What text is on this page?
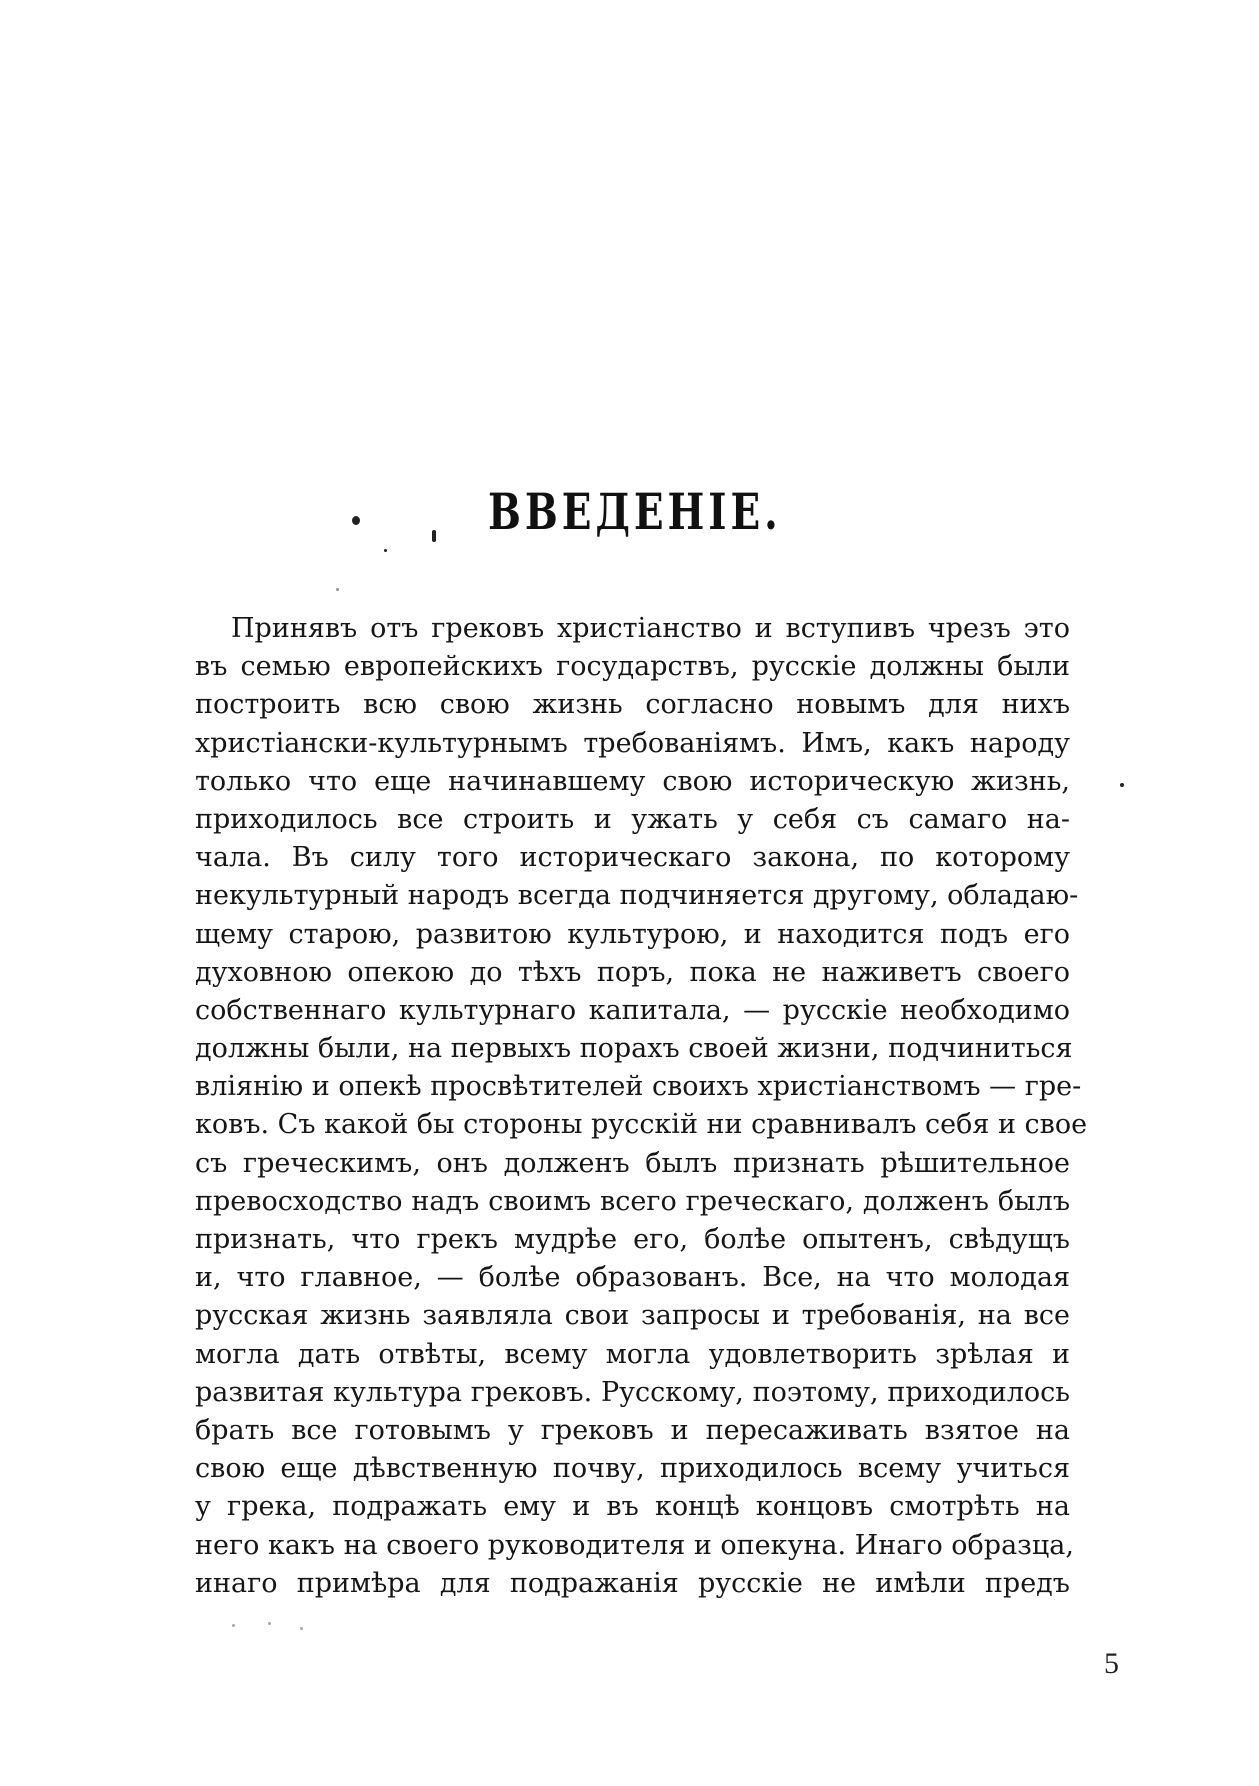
ВВЕДЕНІЕ.
Принявъ отъ грековъ христіанство и вступивъ чрезъ это
въ семью европейскихъ государствъ, русскіе должны были
построить всю свою жизнь согласно новымъ для нихъ
христіански-культурнымъ требованіямъ. Имъ, какъ народу
только что еще начинавшему свою историческую жизнь,
приходилось все строить и ужать у себя съ самаго на-
чала. Въ силу того историческаго закона, по которому
некультурный народъ всегда подчиняется другому, обладаю-
щему старою, развитою культурою, и находится подъ его
духовною опекою до тѣхъ поръ, пока не наживетъ своего
собственнаго культурнаго капитала, — русскіе необходимо
должны были, на первыхъ порахъ своей жизни, подчиниться
вліянію и опекѣ просвѣтителей своихъ христіанствомъ — гре-
ковъ. Съ какой бы стороны русскій ни сравнивалъ себя и свое
съ греческимъ, онъ долженъ былъ признать рѣшительное
превосходство надъ своимъ всего греческаго, долженъ былъ
признать, что грекъ мудрѣе его, болѣе опытенъ, свѣдущъ
и, что главное, — болѣе образованъ. Все, на что молодая
русская жизнь заявляла свои запросы и требованія, на все
могла дать отвѣты, всему могла удовлетворить зрѣлая и
развитая культура грековъ. Русскому, поэтому, приходилось
брать все готовымъ у грековъ и пересаживать взятое на
свою еще дѣвственную почву, приходилось всему учиться
у грека, подражать ему и въ концѣ концовъ смотрѣть на
него какъ на своего руководителя и опекуна. Инаго образца,
инаго примѣра для подражанія русскіе не имѣли предъ
5
